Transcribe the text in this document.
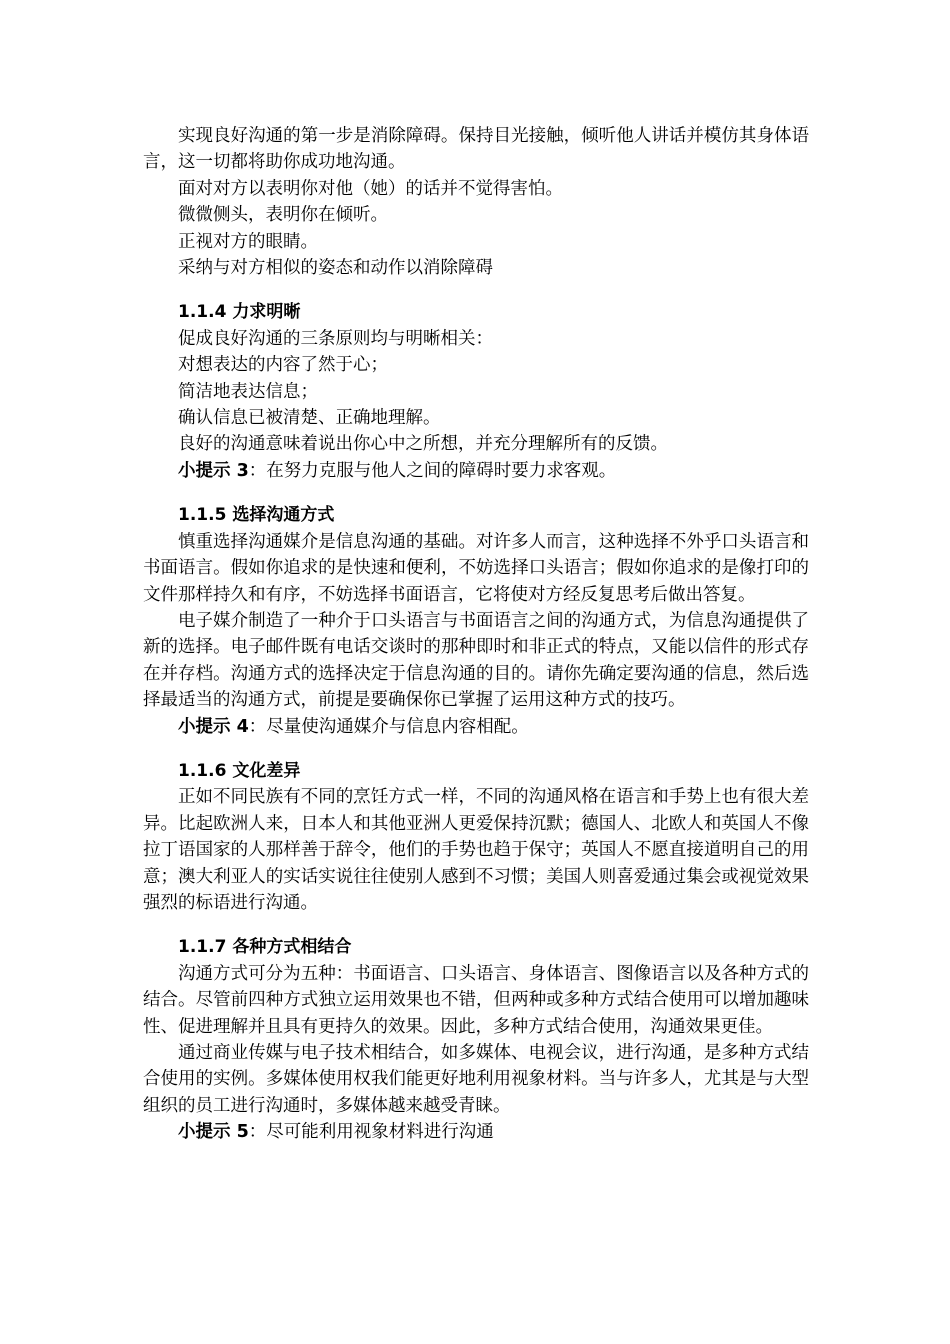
实现良好沟通的第一步是消除障碍。保持目光接触，倾听他人讲话并模仿其身体语言，这一切都将助你成功地沟通。

面对对方以表明你对他（她）的话并不觉得害怕。

微微侧头，表明你在倾听。

正视对方的眼睛。

采纳与对方相似的姿态和动作以消除障碍

1.1.4 力求明晰

促成良好沟通的三条原则均与明晰相关：

对想表达的内容了然于心；

简洁地表达信息；

确认信息已被清楚、正确地理解。

良好的沟通意味着说出你心中之所想，并充分理解所有的反馈。

小提示 3：在努力克服与他人之间的障碍时要力求客观。

1.1.5 选择沟通方式

慎重选择沟通媒介是信息沟通的基础。对许多人而言，这种选择不外乎口头语言和书面语言。假如你追求的是快速和便利，不妨选择口头语言；假如你追求的是像打印的文件那样持久和有序，不妨选择书面语言，它将使对方经反复思考后做出答复。

电子媒介制造了一种介于口头语言与书面语言之间的沟通方式，为信息沟通提供了新的选择。电子邮件既有电话交谈时的那种即时和非正式的特点，又能以信件的形式存在并存档。沟通方式的选择决定于信息沟通的目的。请你先确定要沟通的信息，然后选择最适当的沟通方式，前提是要确保你已掌握了运用这种方式的技巧。

小提示 4：尽量使沟通媒介与信息内容相配。

1.1.6 文化差异

正如不同民族有不同的烹饪方式一样，不同的沟通风格在语言和手势上也有很大差异。比起欧洲人来，日本人和其他亚洲人更爱保持沉默；德国人、北欧人和英国人不像拉丁语国家的人那样善于辞令，他们的手势也趋于保守；英国人不愿直接道明自己的用意；澳大利亚人的实话实说往往使别人感到不习惯；美国人则喜爱通过集会或视觉效果强烈的标语进行沟通。

1.1.7 各种方式相结合

沟通方式可分为五种：书面语言、口头语言、身体语言、图像语言以及各种方式的结合。尽管前四种方式独立运用效果也不错，但两种或多种方式结合使用可以增加趣味性、促进理解并且具有更持久的效果。因此，多种方式结合使用，沟通效果更佳。

通过商业传媒与电子技术相结合，如多媒体、电视会议，进行沟通，是多种方式结合使用的实例。多媒体使用权我们能更好地利用视象材料。当与许多人，尤其是与大型组织的员工进行沟通时，多媒体越来越受青睐。

小提示 5：尽可能利用视象材料进行沟通
